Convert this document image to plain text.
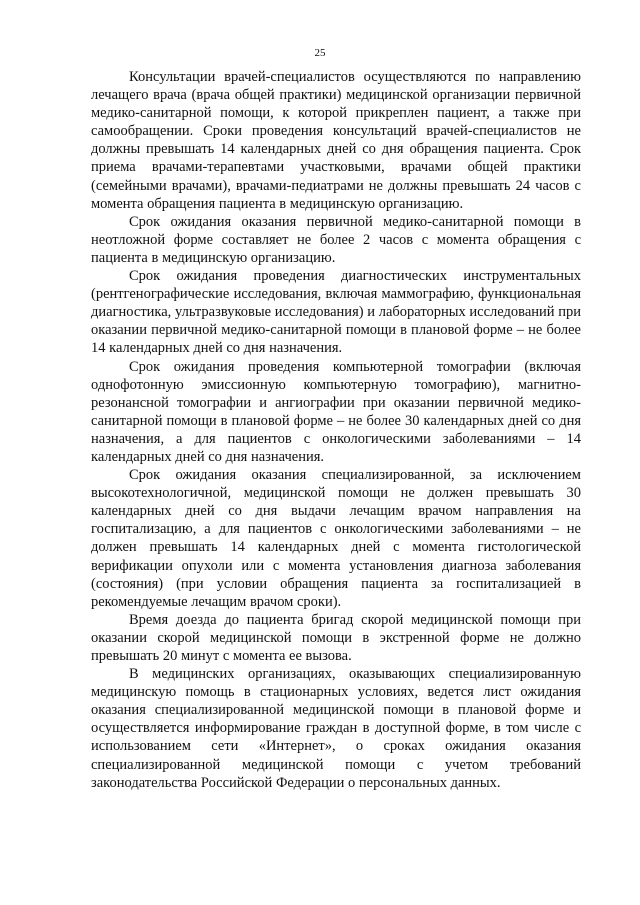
25

Консультации врачей-специалистов осуществляются по направлению лечащего врача (врача общей практики) медицинской организации первичной медико-санитарной помощи, к которой прикреплен пациент, а также при самообращении. Сроки проведения консультаций врачей-специалистов не должны превышать 14 календарных дней со дня обращения пациента. Срок приема врачами-терапевтами участковыми, врачами общей практики (семейными врачами), врачами-педиатрами не должны превышать 24 часов с момента обращения пациента в медицинскую организацию.

Срок ожидания оказания первичной медико-санитарной помощи в неотложной форме составляет не более 2 часов с момента обращения с пациента в медицинскую организацию.

Срок ожидания проведения диагностических инструментальных (рентгенографические исследования, включая маммографию, функциональная диагностика, ультразвуковые исследования) и лабораторных исследований при оказании первичной медико-санитарной помощи в плановой форме – не более 14 календарных дней со дня назначения.

Срок ожидания проведения компьютерной томографии (включая однофотонную эмиссионную компьютерную томографию), магнитно-резонансной томографии и ангиографии при оказании первичной медико-санитарной помощи в плановой форме – не более 30 календарных дней со дня назначения, а для пациентов с онкологическими заболеваниями – 14 календарных дней со дня назначения.

Срок ожидания оказания специализированной, за исключением высокотехнологичной, медицинской помощи не должен превышать 30 календарных дней со дня выдачи лечащим врачом направления на госпитализацию, а для пациентов с онкологическими заболеваниями – не должен превышать 14 календарных дней с момента гистологической верификации опухоли или с момента установления диагноза заболевания (состояния) (при условии обращения пациента за госпитализацией в рекомендуемые лечащим врачом сроки).

Время доезда до пациента бригад скорой медицинской помощи при оказании скорой медицинской помощи в экстренной форме не должно превышать 20 минут с момента ее вызова.

В медицинских организациях, оказывающих специализированную медицинскую помощь в стационарных условиях, ведется лист ожидания оказания специализированной медицинской помощи в плановой форме и осуществляется информирование граждан в доступной форме, в том числе с использованием сети «Интернет», о сроках ожидания оказания специализированной медицинской помощи с учетом требований законодательства Российской Федерации о персональных данных.
